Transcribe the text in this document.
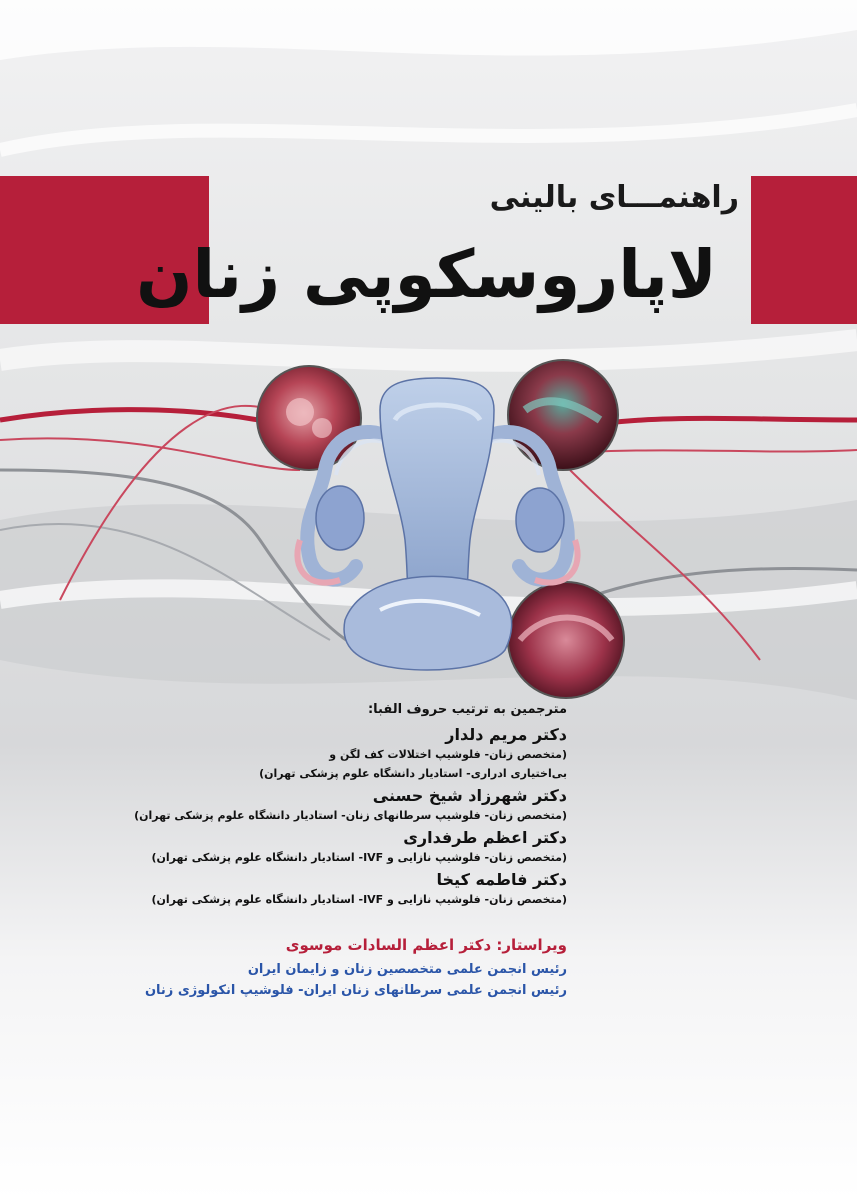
راهنمـــای بالینی
لاپاروسکوپی زنان
مترجمین به ترتیب حروف الفبا:
دکتر مریم دلدار
(متخصص زنان- فلوشیپ اختلالات کف لگن و
بی‌اختیاری ادراری- استادیار دانشگاه علوم پزشکی تهران)
دکتر شهرزاد شیخ حسنی
(متخصص زنان- فلوشیپ سرطانهای زنان- استادیار دانشگاه علوم پزشکی تهران)
دکتر اعظم طرفداری
(متخصص زنان- فلوشیپ نازایی و IVF- استادیار دانشگاه علوم پزشکی تهران)
دکتر فاطمه کیخا
(متخصص زنان- فلوشیپ نازایی و IVF- استادیار دانشگاه علوم پزشکی تهران)
ویراستار: دکتر اعظم السادات موسوی
رئیس انجمن علمی متخصصین زنان و زایمان ایران
رئیس انجمن علمی سرطانهای زنان ایران- فلوشیپ انکولوژی زنان
